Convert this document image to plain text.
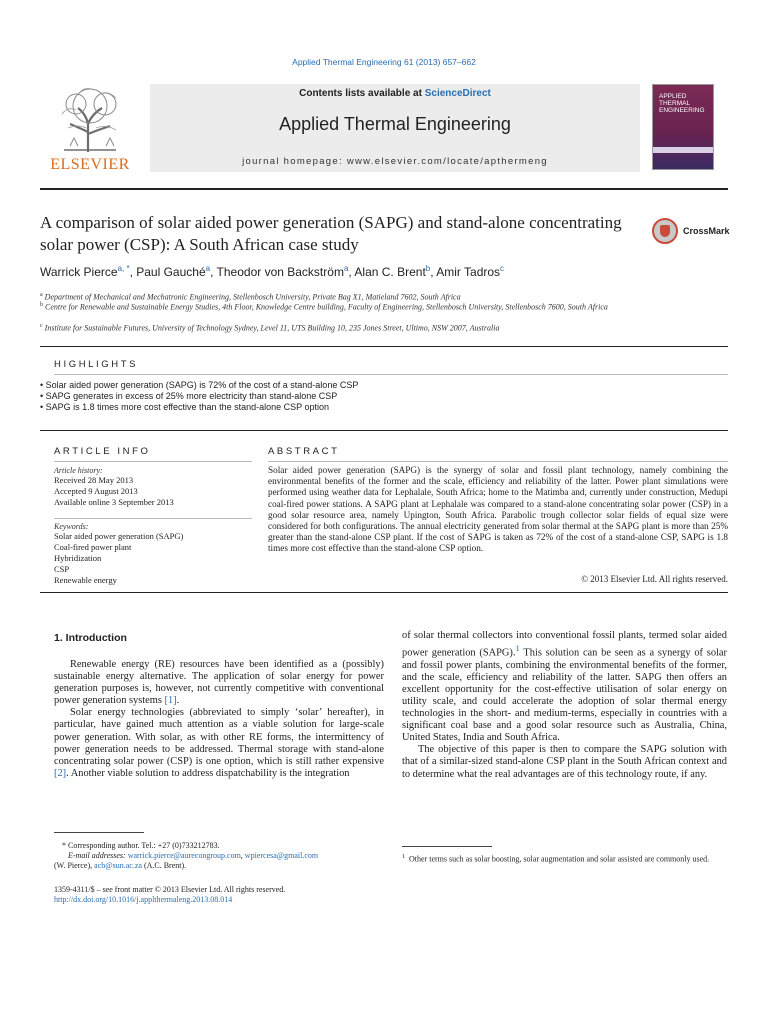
Applied Thermal Engineering 61 (2013) 657–662
ELSEVIER
Contents lists available at ScienceDirect
Applied Thermal Engineering
journal homepage: www.elsevier.com/locate/apthermeng
APPLIED
THERMAL
ENGINEERING
A comparison of solar aided power generation (SAPG) and stand-alone concentrating solar power (CSP): A South African case study
CrossMark
Warrick Pierce$^{a, *}$, Paul Gauché$^a$, Theodor von Backström$^a$, Alan C. Brent$^b$, Amir Tadros$^c$
$^a$ Department of Mechanical and Mechatronic Engineering, Stellenbosch University, Private Bag X1, Matieland 7602, South Africa
$^b$ Centre for Renewable and Sustainable Energy Studies, 4th Floor, Knowledge Centre building, Faculty of Engineering, Stellenbosch University, Stellenbosch 7600, South Africa
$^c$ Institute for Sustainable Futures, University of Technology Sydney, Level 11, UTS Building 10, 235 Jones Street, Ultimo, NSW 2007, Australia
HIGHLIGHTS
• Solar aided power generation (SAPG) is 72% of the cost of a stand-alone CSP
• SAPG generates in excess of 25% more electricity than stand-alone CSP
• SAPG is 1.8 times more cost effective than the stand-alone CSP option
ARTICLE INFO
Article history:
Received 28 May 2013
Accepted 9 August 2013
Available online 3 September 2013
Keywords:
Solar aided power generation (SAPG)
Coal-fired power plant
Hybridization
CSP
Renewable energy
ABSTRACT
Solar aided power generation (SAPG) is the synergy of solar and fossil plant technology, namely combining the environmental benefits of the former and the scale, efficiency and reliability of the latter. Power plant simulations were performed using weather data for Lephalale, South Africa; home to the Matimba and, currently under construction, Medupi coal-fired power stations. A SAPG plant at Lephalale was compared to a stand-alone concentrating solar power (CSP) in a good solar resource area, namely Upington, South Africa. Parabolic trough collector solar fields of equal size were considered for both configurations. The annual electricity generated from solar thermal at the SAPG plant is more than 25% greater than the stand-alone CSP plant. If the cost of SAPG is taken as 72% of the cost of a stand-alone CSP, SAPG is 1.8 times more cost effective than the stand-alone CSP option.
© 2013 Elsevier Ltd. All rights reserved.
1. Introduction

Renewable energy (RE) resources have been identified as a (possibly) sustainable energy alternative. The application of solar energy for power generation purposes is, however, not currently competitive with conventional power generation systems [1].

Solar energy technologies (abbreviated to simply ‘solar’ hereafter), in particular, have gained much attention as a viable solution for large-scale power generation. With solar, as with other RE forms, the intermittency of power generation needs to be addressed. Thermal storage with stand-alone concentrating solar power (CSP) is one option, which is still rather expensive [2]. Another viable solution to address dispatchability is the integration

of solar thermal collectors into conventional fossil plants, termed solar aided power generation (SAPG).$^1$ This solution can be seen as a synergy of solar and fossil power plants, combining the environmental benefits of the former, and the scale, efficiency and reliability of the latter. SAPG then offers an excellent opportunity for the cost-effective utilisation of solar energy on utility scale, and could accelerate the adoption of solar thermal energy technologies in the short- and medium-terms, especially in countries with a significant coal base and a good solar resource such as Australia, China, United States, India and South Africa.

The objective of this paper is then to compare the SAPG solution with that of a similar-sized stand-alone CSP plant in the South African context and to determine what the real advantages are of this technology route, if any.

* Corresponding author. Tel.: +27 (0)733212783.
E-mail addresses: warrick.pierce@aurecongroup.com, wpiercesa@gmail.com
(W. Pierce), acb@sun.ac.za (A.C. Brent).
1359-4311/$ – see front matter © 2013 Elsevier Ltd. All rights reserved.
http://dx.doi.org/10.1016/j.applthermaleng.2013.08.014
$^1$ Other terms such as solar boosting, solar augmentation and solar assisted are commonly used.
